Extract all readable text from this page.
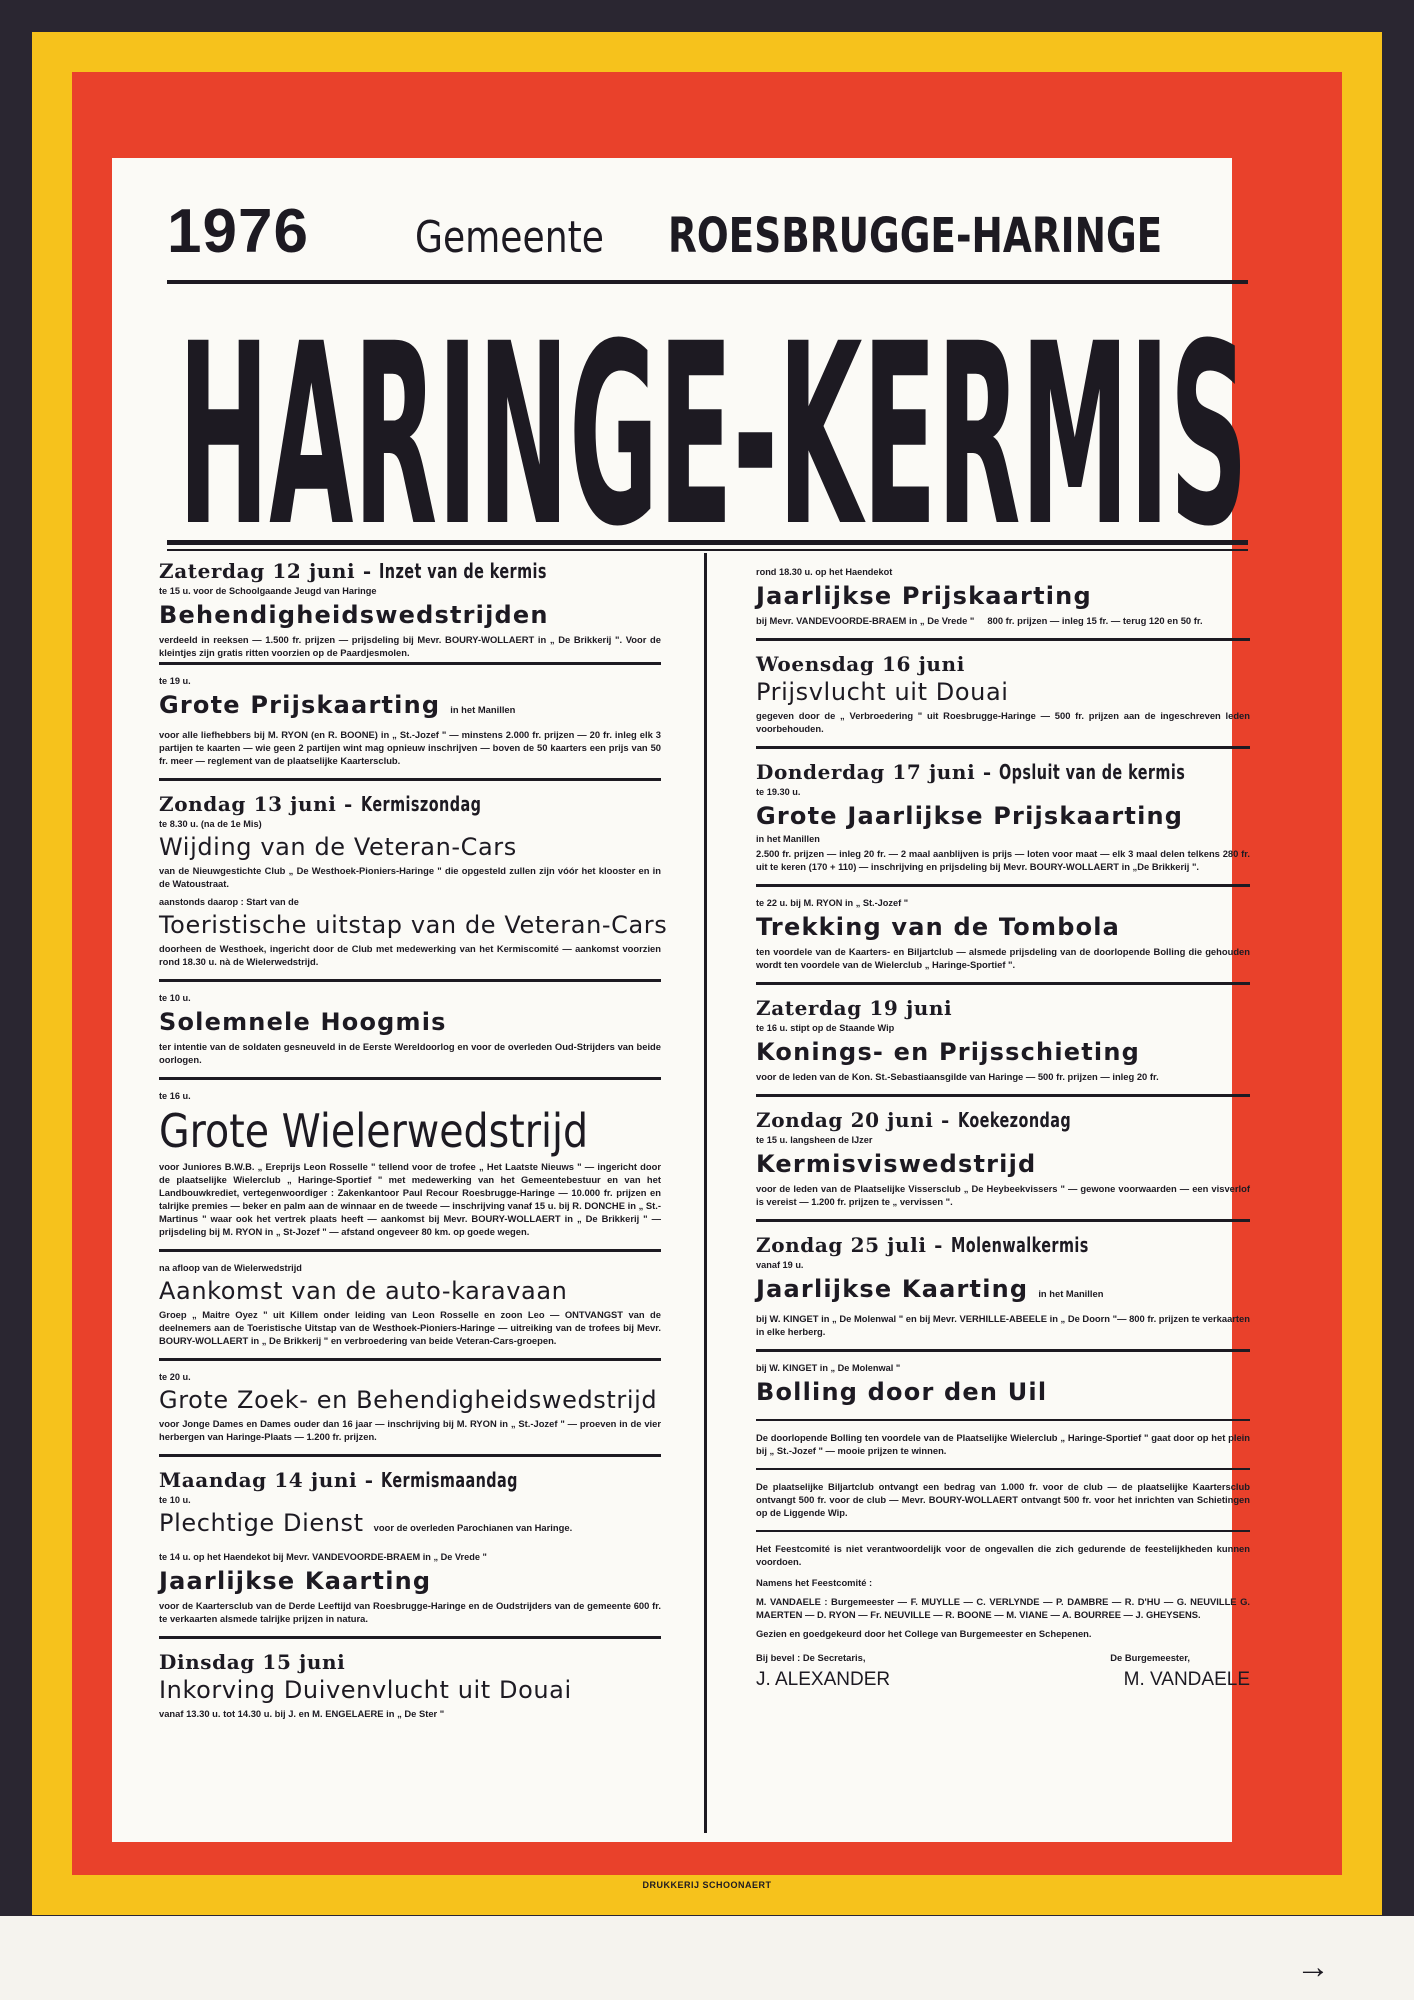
DRUKKERIJ SCHOONAERT
→
1976 Gemeente ROESBRUGGE-HARINGE
HARINGE-KERMIS
Zaterdag 12 juni - Inzet van de kermis
te 15 u. voor de Schoolgaande Jeugd van Haringe
Behendigheidswedstrijden
verdeeld in reeksen — 1.500 fr. prijzen — prijsdeling bij Mevr. BOURY-WOLLAERT in „ De Brikkerij ". Voor de kleintjes zijn gratis ritten voorzien op de Paardjesmolen.
te 19 u.
Grote Prijskaarting in het Manillen
voor alle liefhebbers bij M. RYON (en R. BOONE) in „ St.-Jozef " — minstens 2.000 fr. prijzen — 20 fr. inleg elk 3 partijen te kaarten — wie geen 2 partijen wint mag opnieuw inschrijven — boven de 50 kaarters een prijs van 50 fr. meer — reglement van de plaatselijke Kaartersclub.
Zondag 13 juni - Kermiszondag
te 8.30 u. (na de 1e Mis)
Wijding van de Veteran-Cars
van de Nieuwgestichte Club „ De Westhoek-Pioniers-Haringe " die opgesteld zullen zijn vóór het klooster en in de Watoustraat.
aanstonds daarop : Start van de
Toeristische uitstap van de Veteran-Cars
doorheen de Westhoek, ingericht door de Club met medewerking van het Kermiscomité — aankomst voorzien rond 18.30 u. nà de Wielerwedstrijd.
te 10 u.
Solemnele Hoogmis
ter intentie van de soldaten gesneuveld in de Eerste Wereldoorlog en voor de overleden Oud-Strijders van beide oorlogen.
te 16 u.
Grote Wielerwedstrijd
voor Juniores B.W.B. „ Ereprijs Leon Rosselle " tellend voor de trofee „ Het Laatste Nieuws " — ingericht door de plaatselijke Wielerclub „ Haringe-Sportief " met medewerking van het Gemeentebestuur en van het Landbouwkrediet, vertegenwoordiger : Zakenkantoor Paul Recour Roesbrugge-Haringe — 10.000 fr. prijzen en talrijke premies — beker en palm aan de winnaar en de tweede — inschrijving vanaf 15 u. bij R. DONCHE in „ St.-Martinus " waar ook het vertrek plaats heeft — aankomst bij Mevr. BOURY-WOLLAERT in „ De Brikkerij " — prijsdeling bij M. RYON in „ St-Jozef " — afstand ongeveer 80 km. op goede wegen.
na afloop van de Wielerwedstrijd
Aankomst van de auto-karavaan
Groep „ Maitre Oyez " uit Killem onder leiding van Leon Rosselle en zoon Leo — ONTVANGST van de deelnemers aan de Toeristische Uitstap van de Westhoek-Pioniers-Haringe — uitreiking van de trofees bij Mevr. BOURY-WOLLAERT in „ De Brikkerij " en verbroedering van beide Veteran-Cars-groepen.
te 20 u.
Grote Zoek- en Behendigheidswedstrijd
voor Jonge Dames en Dames ouder dan 16 jaar — inschrijving bij M. RYON in „ St.-Jozef " — proeven in de vier herbergen van Haringe-Plaats — 1.200 fr. prijzen.
Maandag 14 juni - Kermismaandag
te 10 u.
Plechtige Dienst voor de overleden Parochianen van Haringe.
te 14 u. op het Haendekot bij Mevr. VANDEVOORDE-BRAEM in „ De Vrede "
Jaarlijkse Kaarting
voor de Kaartersclub van de Derde Leeftijd van Roesbrugge-Haringe en de Oudstrijders van de gemeente 600 fr. te verkaarten alsmede talrijke prijzen in natura.
Dinsdag 15 juni
Inkorving Duivenvlucht uit Douai
vanaf 13.30 u. tot 14.30 u. bij J. en M. ENGELAERE in „ De Ster "
rond 18.30 u. op het Haendekot
Jaarlijkse Prijskaarting
bij Mevr. VANDEVOORDE-BRAEM in „ De Vrede "     800 fr. prijzen — inleg 15 fr. — terug 120 en 50 fr.
Woensdag 16 juni
Prijsvlucht uit Douai
gegeven door de „ Verbroedering " uit Roesbrugge-Haringe — 500 fr. prijzen aan de ingeschreven leden voorbehouden.
Donderdag 17 juni - Opsluit van de kermis
te 19.30 u.
Grote Jaarlijkse Prijskaarting
in het Manillen
2.500 fr. prijzen — inleg 20 fr. — 2 maal aanblijven is prijs — loten voor maat — elk 3 maal delen telkens 280 fr. uit te keren (170 + 110) — inschrijving en prijsdeling bij Mevr. BOURY-WOLLAERT in „De Brikkerij ".
te 22 u. bij M. RYON in „ St.-Jozef "
Trekking van de Tombola
ten voordele van de Kaarters- en Biljartclub — alsmede prijsdeling van de doorlopende Bolling die gehouden wordt ten voordele van de Wielerclub „ Haringe-Sportief ".
Zaterdag 19 juni
te 16 u. stipt op de Staande Wip
Konings- en Prijsschieting
voor de leden van de Kon. St.-Sebastiaansgilde van Haringe — 500 fr. prijzen — inleg 20 fr.
Zondag 20 juni - Koekezondag
te 15 u. langsheen de IJzer
Kermisviswedstrijd
voor de leden van de Plaatselijke Vissersclub „ De Heybeekvissers " — gewone voorwaarden — een visverlof is vereist — 1.200 fr. prijzen te „ vervissen ".
Zondag 25 juli - Molenwalkermis
vanaf 19 u.
Jaarlijkse Kaarting in het Manillen
bij W. KINGET in „ De Molenwal " en bij Mevr. VERHILLE-ABEELE in „ De Doorn "— 800 fr. prijzen te verkaarten in elke herberg.
bij W. KINGET in „ De Molenwal "
Bolling door den Uil
De doorlopende Bolling ten voordele van de Plaatselijke Wielerclub „ Haringe-Sportief " gaat door op het plein bij „ St.-Jozef " — mooie prijzen te winnen.
De plaatselijke Biljartclub ontvangt een bedrag van 1.000 fr. voor de club — de plaatselijke Kaartersclub ontvangt 500 fr. voor de club — Mevr. BOURY-WOLLAERT ontvangt 500 fr. voor het inrichten van Schietingen op de Liggende Wip.
Het Feestcomité is niet verantwoordelijk voor de ongevallen die zich gedurende de feestelijkheden kunnen voordoen.
Namens het Feestcomité :
M. VANDAELE : Burgemeester — F. MUYLLE — C. VERLYNDE — P. DAMBRE — R. D'HU — G. NEUVILLE G. MAERTEN — D. RYON — Fr. NEUVILLE — R. BOONE — M. VIANE — A. BOURREE — J. GHEYSENS.
Gezien en goedgekeurd door het College van Burgemeester en Schepenen.
Bij bevel : De Secretaris,	De Burgemeester,
J. ALEXANDER	M. VANDAELE
